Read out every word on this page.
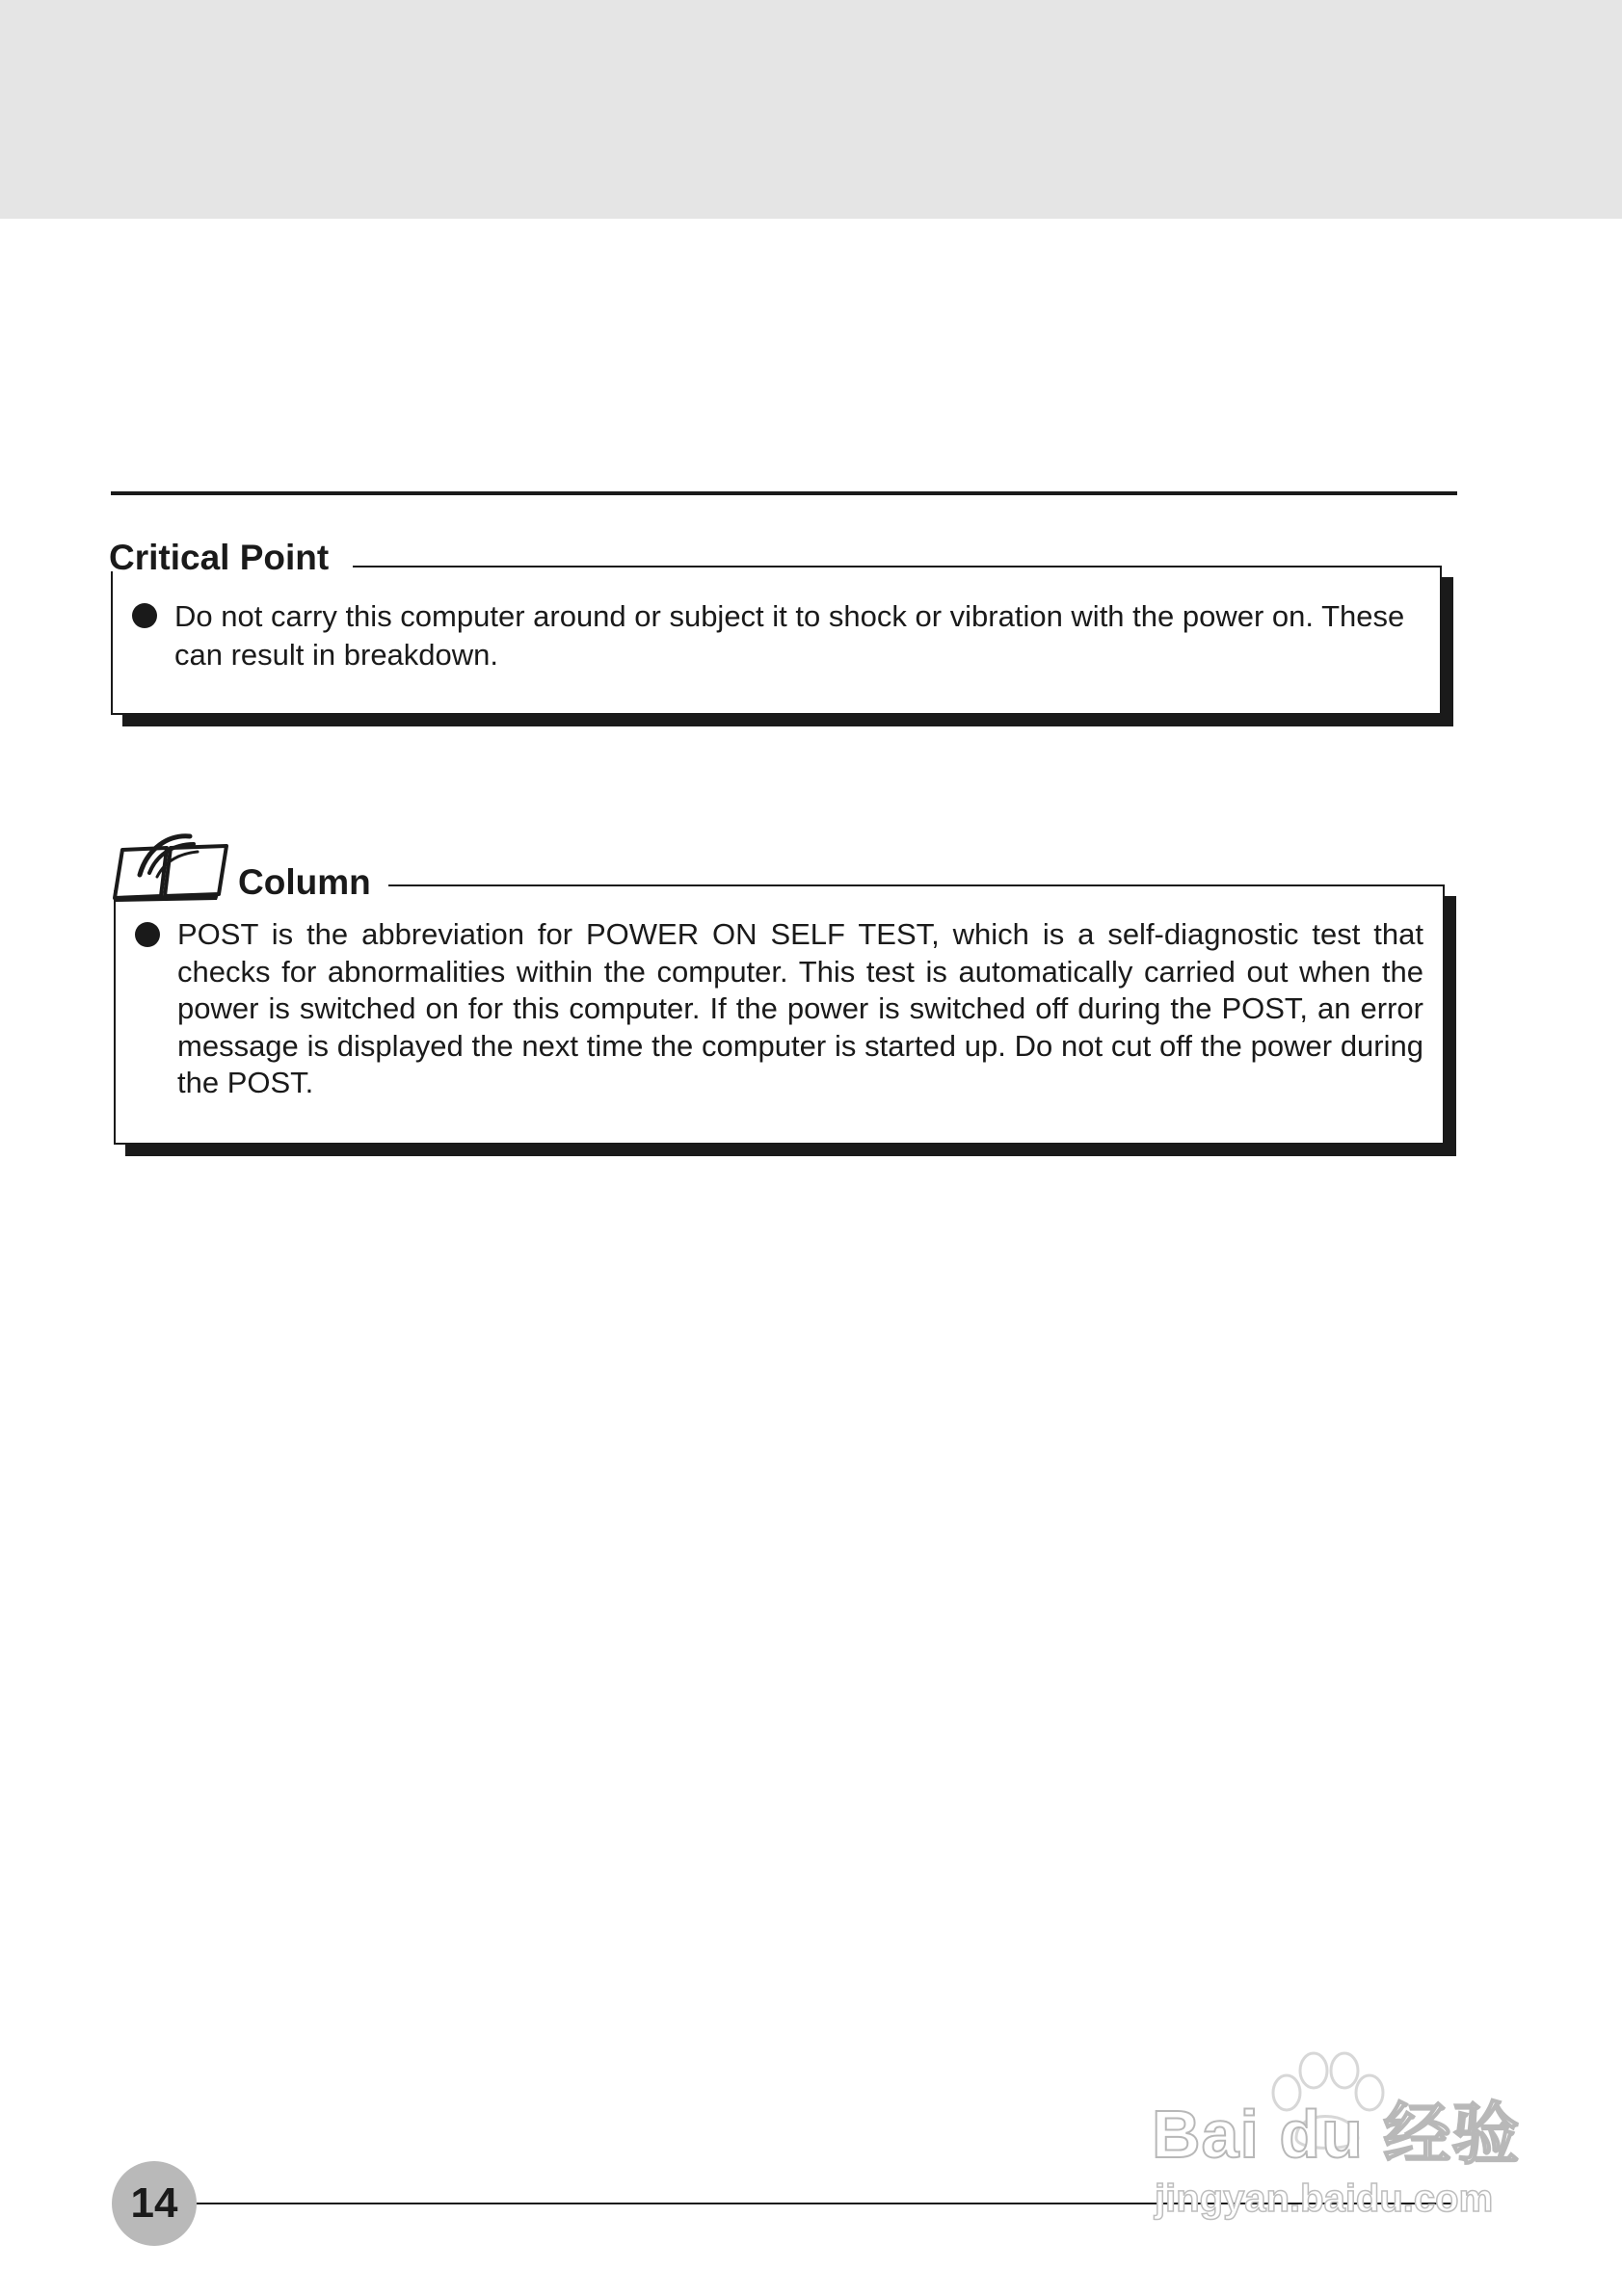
Critical Point
Do not carry this computer around or subject it to shock or vibration with the power on. These can result in breakdown.
Column
POST is the abbreviation for POWER ON SELF TEST, which is a self-diagnostic test that checks for abnormalities within the computer. This test is automatically carried out when the power is switched on for this computer. If the power is switched off during the POST, an error message is displayed the next time the computer is started up. Do not cut off the power during the POST.
14
Bai du 经验
jingyan.baidu.com
